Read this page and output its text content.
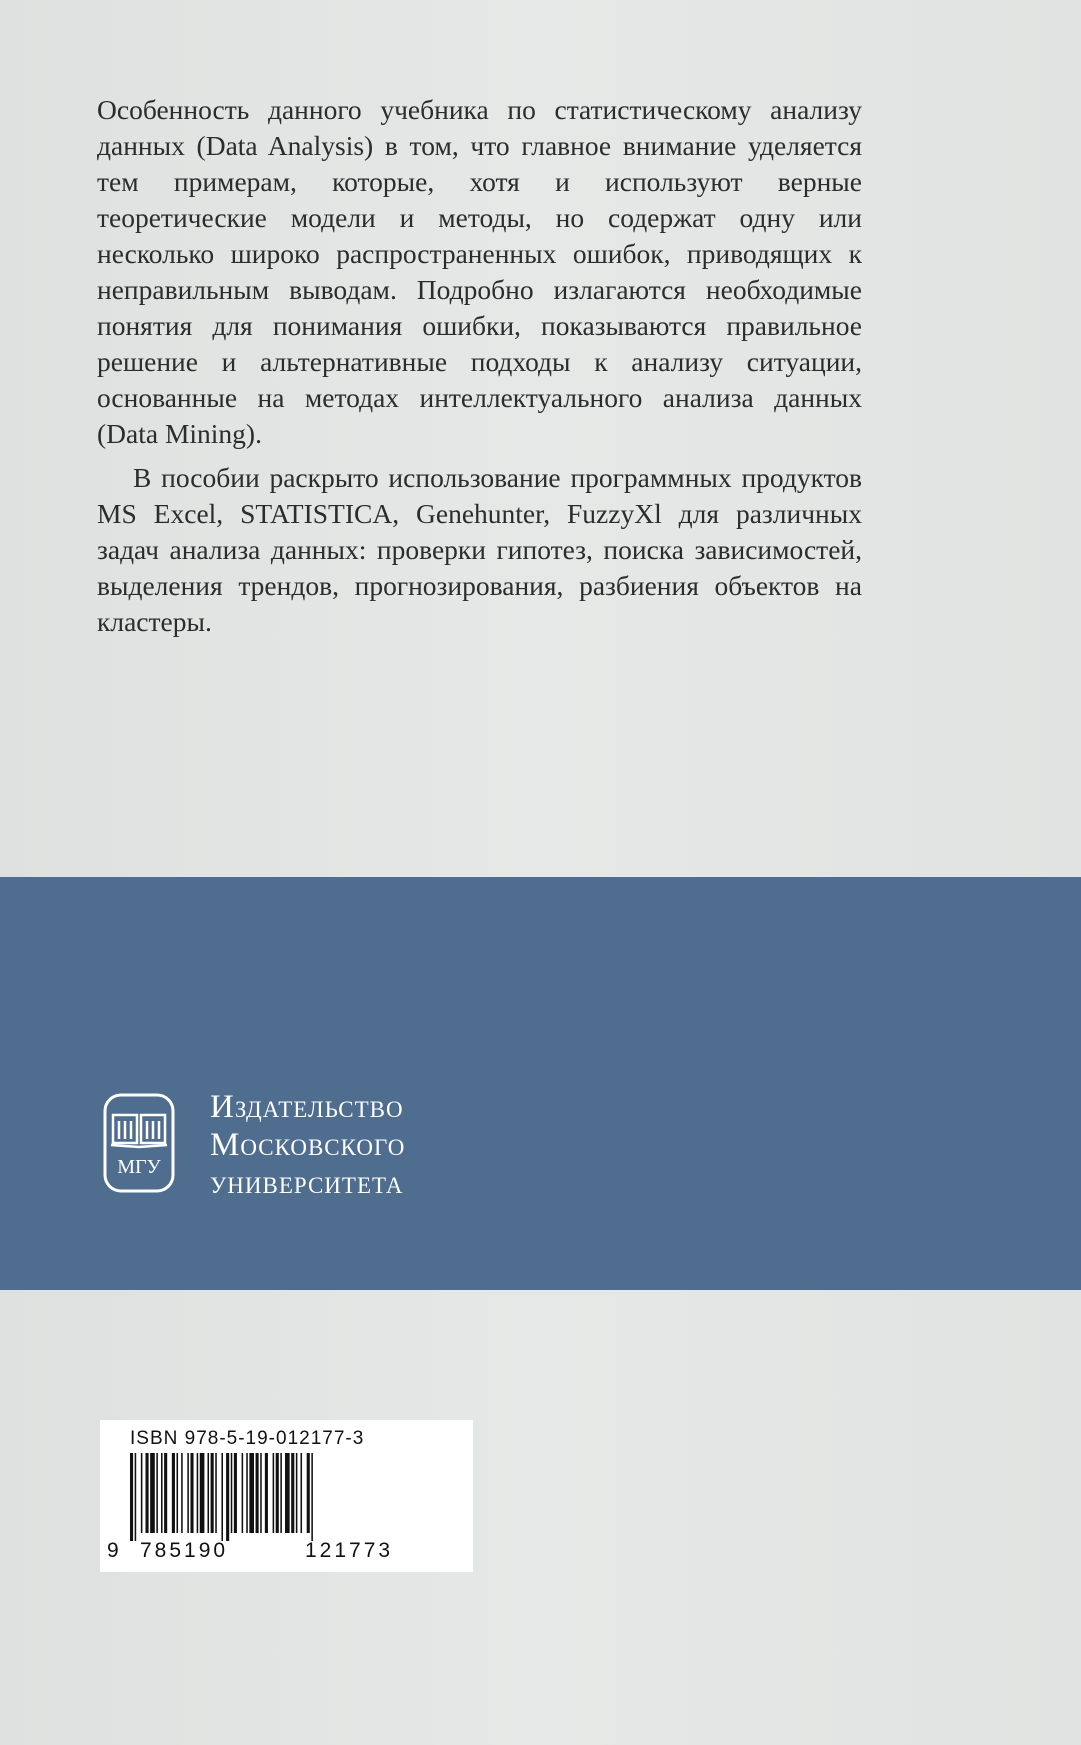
Особенность данного учебника по статистическому анализу данных (Data Analysis) в том, что главное внимание уделяется тем примерам, которые, хотя и используют верные теоретические модели и методы, но содержат одну или несколько широко распространенных ошибок, приводящих к неправильным выводам. Подробно излагаются необходимые понятия для понимания ошибки, показываются правильное решение и альтернативные подходы к анализу ситуации, основанные на методах интеллектуального анализа данных (Data Mining).

В пособии раскрыто использование программных продуктов MS Excel, STATISTICA, Genehunter, FuzzyXl для различных задач анализа данных: проверки гипотез, поиска зависимостей, выделения трендов, прогнозирования, разбиения объектов на кластеры.

МГУ
Издательство
Московского
университета
ISBN 978-5-19-012177-3
9 785190	121773
